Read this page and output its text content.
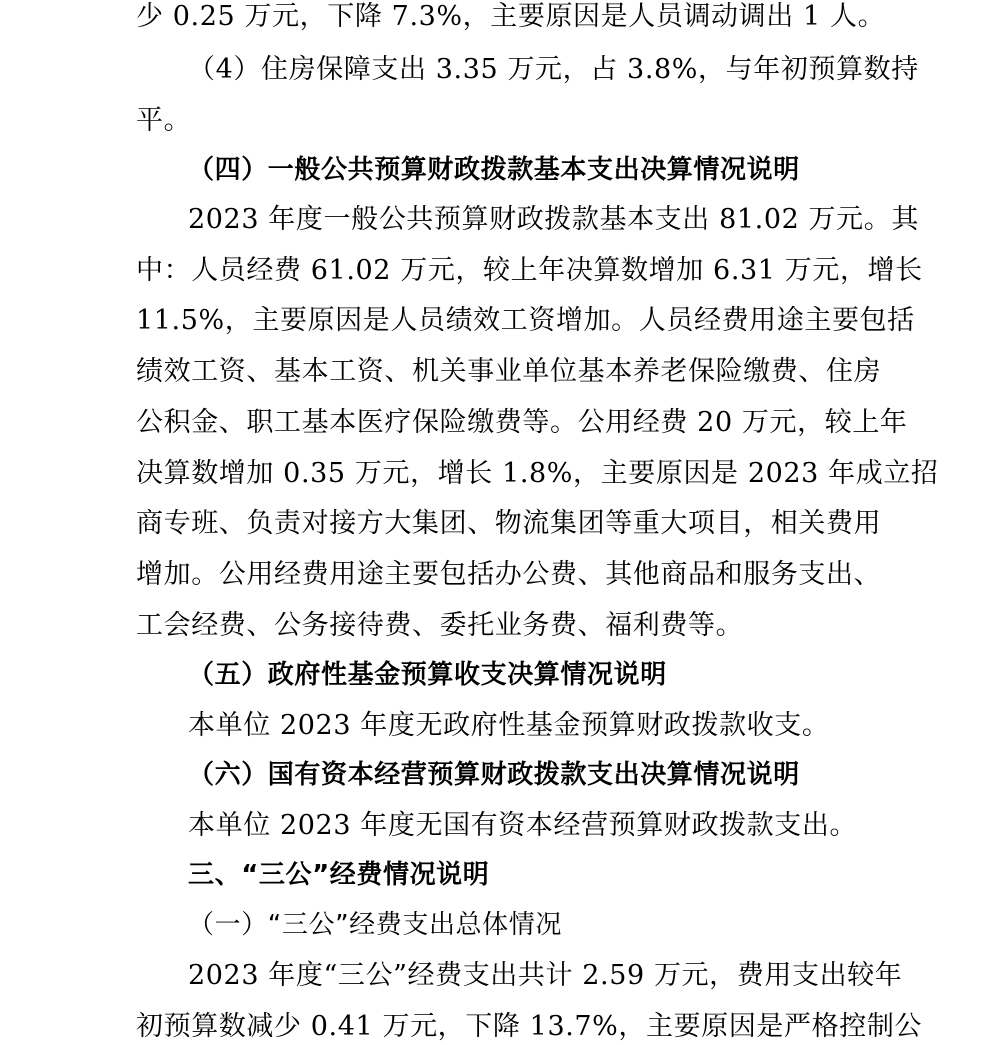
少 0.25 万元，下降 7.3%，主要原因是人员调动调出 1 人。
（4）住房保障支出 3.35 万元，占 3.8%，与年初预算数持
平。
（四）一般公共预算财政拨款基本支出决算情况说明
2023 年度一般公共预算财政拨款基本支出 81.02 万元。其
中：人员经费 61.02 万元，较上年决算数增加 6.31 万元，增长
11.5%，主要原因是人员绩效工资增加。人员经费用途主要包括
绩效工资、基本工资、机关事业单位基本养老保险缴费、住房
公积金、职工基本医疗保险缴费等。公用经费 20 万元，较上年
决算数增加 0.35 万元，增长 1.8%，主要原因是 2023 年成立招
商专班、负责对接方大集团、物流集团等重大项目，相关费用
增加。公用经费用途主要包括办公费、其他商品和服务支出、
工会经费、公务接待费、委托业务费、福利费等。
（五）政府性基金预算收支决算情况说明
本单位 2023 年度无政府性基金预算财政拨款收支。
（六）国有资本经营预算财政拨款支出决算情况说明
本单位 2023 年度无国有资本经营预算财政拨款支出。
三、“三公”经费情况说明
（一）“三公”经费支出总体情况
2023 年度“三公”经费支出共计 2.59 万元，费用支出较年
初预算数减少 0.41 万元，下降 13.7%，主要原因是严格控制公
